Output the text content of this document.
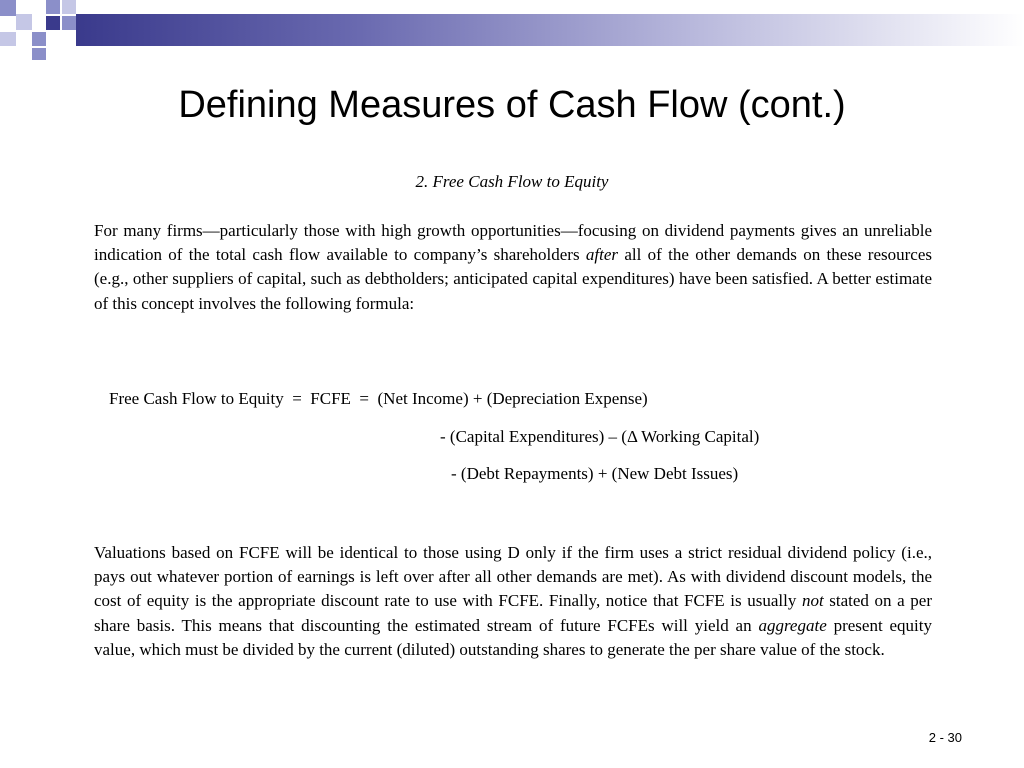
Defining Measures of Cash Flow (cont.)
2. Free Cash Flow to Equity
For many firms—particularly those with high growth opportunities—focusing on dividend payments gives an unreliable indication of the total cash flow available to company’s shareholders after all of the other demands on these resources (e.g., other suppliers of capital, such as debtholders; anticipated capital expenditures) have been satisfied. A better estimate of this concept involves the following formula:
Free Cash Flow to Equity  =  FCFE  =  (Net Income) + (Depreciation Expense)
- (Capital Expenditures) – (Δ Working Capital)
- (Debt Repayments) + (New Debt Issues)
Valuations based on FCFE will be identical to those using D only if the firm uses a strict residual dividend policy (i.e., pays out whatever portion of earnings is left over after all other demands are met). As with dividend discount models, the cost of equity is the appropriate discount rate to use with FCFE. Finally, notice that FCFE is usually not stated on a per share basis. This means that discounting the estimated stream of future FCFEs will yield an aggregate present equity value, which must be divided by the current (diluted) outstanding shares to generate the per share value of the stock.
2 - 30
